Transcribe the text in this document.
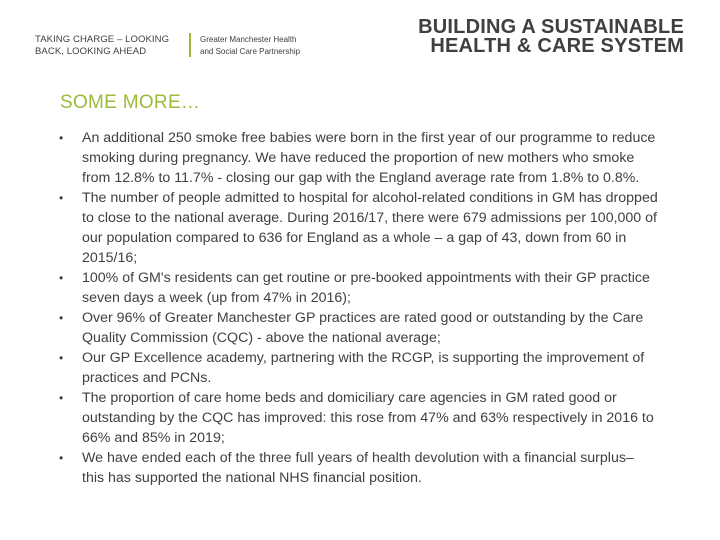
TAKING CHARGE – LOOKING
BACK, LOOKING AHEAD
Greater Manchester Health
and Social Care Partnership
BUILDING A SUSTAINABLE
HEALTH & CARE SYSTEM
SOME MORE…
• An additional 250 smoke free babies were born in the first year of our programme to reduce smoking during pregnancy. We have reduced the proportion of new mothers who smoke from 12.8% to 11.7% - closing our gap with the England average rate from 1.8% to 0.8%.
• The number of people admitted to hospital for alcohol-related conditions in GM has dropped to close to the national average. During 2016/17, there were 679 admissions per 100,000 of our population compared to 636 for England as a whole – a gap of 43, down from 60 in 2015/16;
• 100% of GM's residents can get routine or pre-booked appointments with their GP practice seven days a week (up from 47% in 2016);
• Over 96% of Greater Manchester GP practices are rated good or outstanding by the Care Quality Commission (CQC) - above the national average;
• Our GP Excellence academy, partnering with the RCGP, is supporting the improvement of practices and PCNs.
• The proportion of care home beds and domiciliary care agencies in GM rated good or outstanding by the CQC has improved: this rose from 47% and 63% respectively in 2016 to 66% and 85% in 2019;
• We have ended each of the three full years of health devolution with a financial surplus– this has supported the national NHS financial position.
